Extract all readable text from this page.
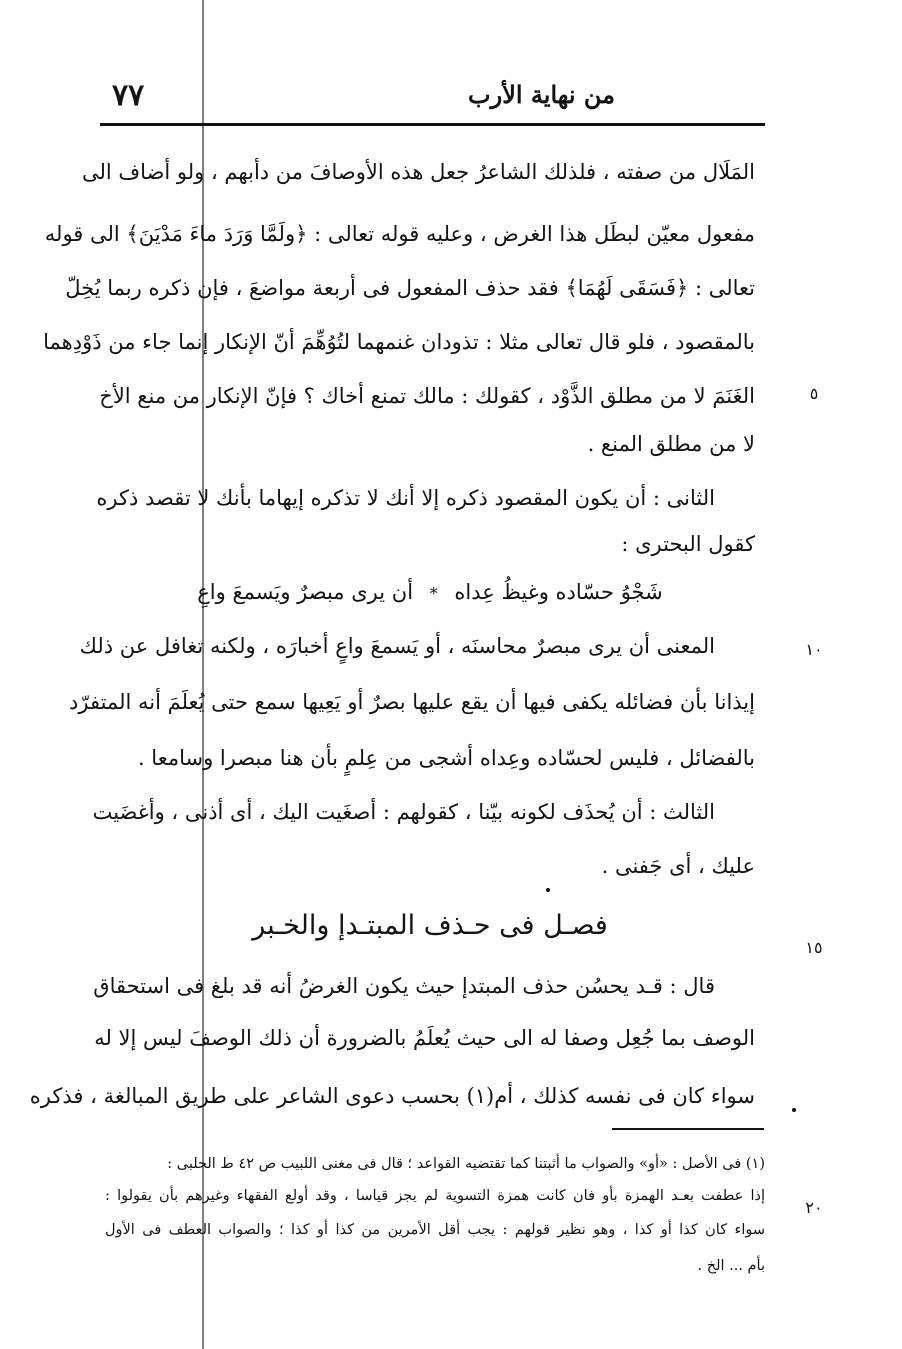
٧٧	من نهاية الأرب
المَلَال من صفته ، فلذلك الشاعرُ جعل هذه الأوصافَ من دأبهم ، ولو أضاف الى
مفعول معيّن لبطَل هذا الغرض ، وعليه قوله تعالى : ﴿ولَمَّا وَرَدَ ماءَ مَدْيَنَ﴾ الى قوله
تعالى : ﴿فَسَقَى لَهُمَا﴾ فقد حذف المفعول فى أربعة مواضعَ ، فإن ذكره ربما يُخِلّ
بالمقصود ، فلو قال تعالى مثلا : تذودان غنمهما لتُوُهِّمَ أنّ الإنكار إنما جاء من ذَوْدِهما
الغَنَمَ لا من مطلق الذَّوْد ، كقولك : مالك تمنع أخاك ؟ فإنّ الإنكار من منع الأخ
لا من مطلق المنع .
الثانى : أن يكون المقصود ذكره إلا أنك لا تذكره إيهاما بأنك لا تقصد ذكره
كقول البحترى :
شَجْوُ حسّاده وغيظُ عِداه * أن يرى مبصرٌ ويَسمعَ واعِ
المعنى أن يرى مبصرٌ محاسنَه ، أو يَسمعَ واعٍ أخبارَه ، ولكنه تغافل عن ذلك
إيذانا بأن فضائله يكفى فيها أن يقع عليها بصرٌ أو يَعِيها سمع حتى يُعلَمَ أنه المتفرّد
بالفضائل ، فليس لحسّاده وعِداه أشجى من عِلمٍ بأن هنا مبصرا وسامعا .
الثالث : أن يُحذَف لكونه بيّنا ، كقولهم : أصغَيت اليك ، أى أذنى ، وأغضَيت
عليك ، أى جَفنى .
فصـل فى حـذف المبتـدإ والخـبر
قال : قـد يحسُن حذف المبتدإ حيث يكون الغرضُ أنه قد بلغ فى استحقاق
الوصف بما جُعِل وصفا له الى حيث يُعلَمُ بالضرورة أن ذلك الوصفَ ليس إلا له
سواء كان فى نفسه كذلك ، أم(١) بحسب دعوى الشاعر على طريق المبالغة ، فذكره
٥
١٠
١٥
٢٠
(١) فى الأصل : «أو» والصواب ما أثبتنا كما تقتضيه القواعد ؛ قال فى مغنى اللبيب ص ٤٢ ط الحلبى :
إذا عطفت بعـد الهمزة بأو فان كانت همزة التسوية لم يجز قياسا ، وقد أولع الفقهاء وغيرهم بأن يقولوا :
سواء كان كذا أو كذا ، وهو نظير قولهم : يجب أقل الأمرين من كذا أو كذا ؛ والصواب العطف فى الأول
بأم ... الخ .
